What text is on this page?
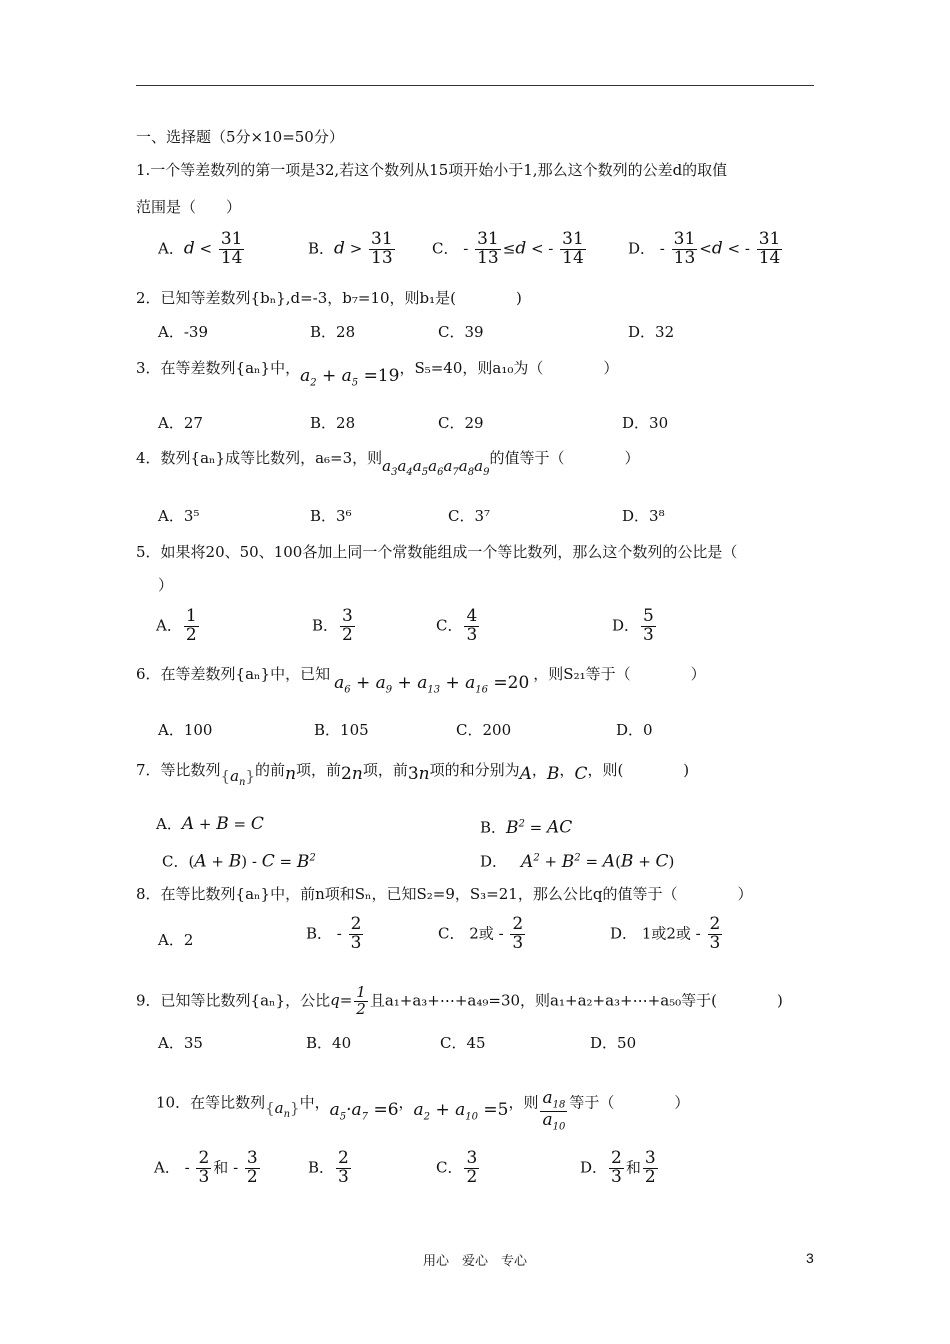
一、选择题（5分×10=50分）
1.一个等差数列的第一项是32,若这个数列从15项开始小于1,那么这个数列的公差d的取值
范围是（　　）
A．$d < \frac{31}{14}$	B．$d > \frac{31}{13}$ C． - $\frac{31}{13} \le d$ < - $\frac{31}{14}$	D． - $\frac{31}{13} <d$ < - $\frac{31}{14}$
2．已知等差数列{bₙ},d=-3，b₇=10，则b₁是(　　　　)
A．-39	B．28	C．39	D．32
3．在等差数列{aₙ}中，$a_2 + a_5 =19$，S₅=40，则a₁₀为（　　　　）
A．27	B．28	C．29	D．30
4．数列{aₙ}成等比数列，a₆=3，则$a_3a_4a_5a_6a_7a_8a_9$的值等于（　　　　）
A．3⁵	B．3⁶	C．3⁷	D．3⁸
5．如果将20、50、100各加上同一个常数能组成一个等比数列，那么这个数列的公比是（
）
A． $\frac{1}{2}$	B． $\frac{3}{2}$	C． $\frac{4}{3}$	D． $\frac{5}{3}$
6．在等差数列{aₙ}中，已知 $a_6 + a_9 + a_{13} + a_{16} =20$ ，则S₂₁等于（　　　　）
A．100	B．105	C．200	D．0
7．等比数列$\{a_n\}$的前n项，前2n项，前3n项的和分别为A，B，C，则(　　　　)
A．A + B = C	B．$B^2$ = AC
C．$(A + B) - C = B^2$	D． $A^2 + B^2 = A(B + C)$
8．在等比数列{aₙ}中，前n项和Sₙ，已知S₂=9，S₃=21，那么公比q的值等于（　　　　）
A．2	B． - $\frac{2}{3}$	C． 2或 - $\frac{2}{3}$	D． 1或2或 - $\frac{2}{3}$
9．已知等比数列{aₙ}，公比$q= \frac{1}{2}$ 且a₁+a₃+⋯+a₄₉=30，则a₁+a₂+a₃+⋯+a₅₀等于(　　　　)
A．35	B．40	C．45	D．50
10．在等比数列$\{a_n\}$中，$a_5\cdot a_7 =6$，$a_2 + a_{10} =5$，则 $\frac{a_{18}}{a_{10}}$ 等于（　　　　）
A． - $\frac{2}{3}$ 和 - $\frac{3}{2}$	B． $\frac{2}{3}$	C． $\frac{3}{2}$	D． $\frac{2}{3}$ 和 $\frac{3}{2}$
用心　爱心　专心	3
